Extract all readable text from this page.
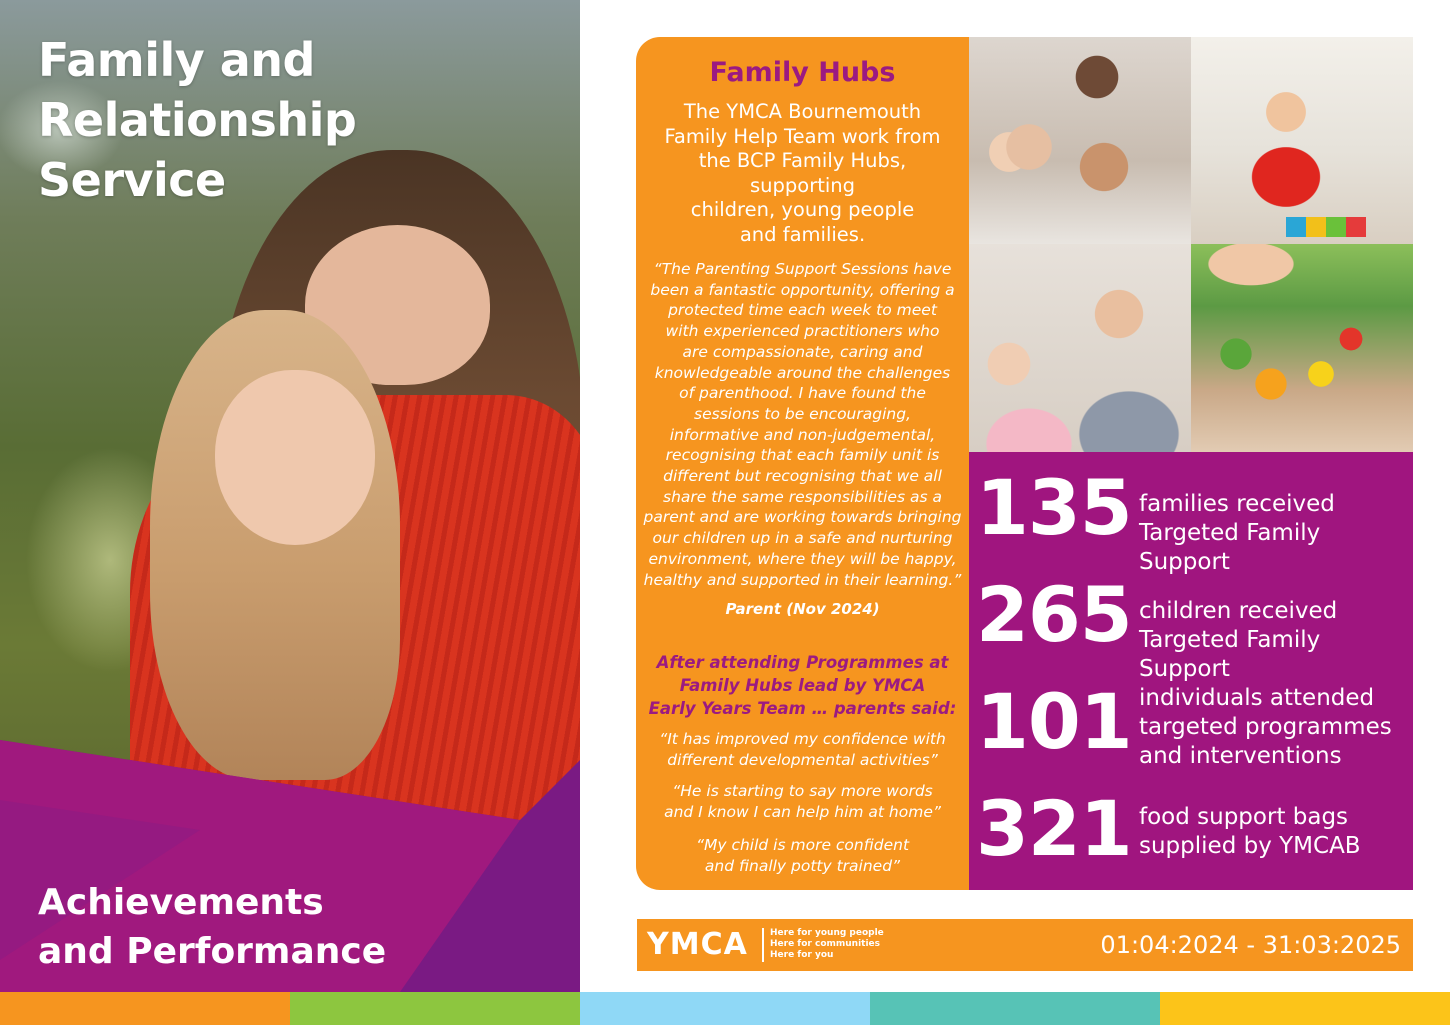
Family and
Relationship
Service
Achievements
and Performance
Family Hubs

The YMCA Bournemouth
Family Help Team work from
the BCP Family Hubs, supporting
children, young people
and families.

“The Parenting Support Sessions have
been a fantastic opportunity, offering a
protected time each week to meet
with experienced practitioners who
are compassionate, caring and
knowledgeable around the challenges
of parenthood. I have found the
sessions to be encouraging,
informative and non-judgemental,
recognising that each family unit is
different but recognising that we all
share the same responsibilities as a
parent and are working towards bringing
our children up in a safe and nurturing
environment, where they will be happy,
healthy and supported in their learning.”

Parent (Nov 2024)

After attending Programmes at
Family Hubs lead by YMCA
Early Years Team … parents said:

“It has improved my confidence with
different developmental activities”

“He is starting to say more words
and I know I can help him at home”

“My child is more confident
and finally potty trained”

135 families received
Targeted Family Support

265 children received
Targeted Family Support

101 individuals attended
targeted programmes
and interventions

321 food support bags
supplied by YMCAB

YMCA Here for young people
Here for communities
Here for you	01:04:2024 - 31:03:2025
